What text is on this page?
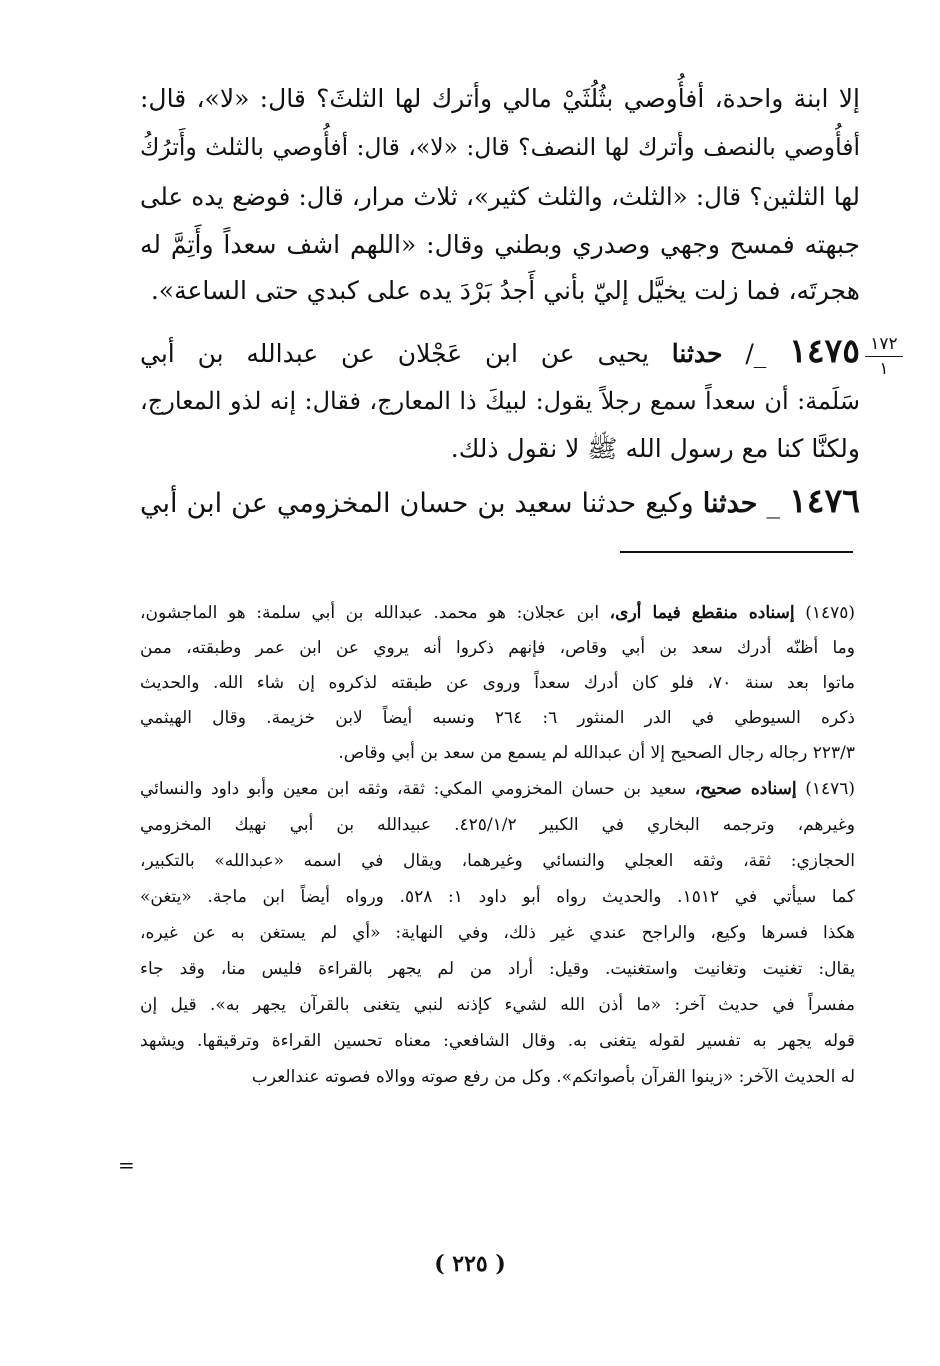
إلا ابنة واحدة، أفأُوصي بثُلُثَيْ مالي وأترك لها الثلثَ؟ قال: «لا»، قال:
أفأُوصي بالنصف وأترك لها النصف؟ قال: «لا»، قال: أفأُوصي بالثلث وأَترُكُ
لها الثلثين؟ قال: «الثلث، والثلث كثير»، ثلاث مرار، قال: فوضع يده على
جبهته فمسح وجهي وصدري وبطني وقال: «اللهم اشف سعداً وأَتِمَّ له
هجرتَه، فما زلت يخيَّل إليّ بأني أَجدُ بَرْدَ يده على كبدي حتى الساعة».
١٤٧٥ _/ حدثنا يحيى عن ابن عَجْلان عن عبدالله بن أبي
سَلَمة: أن سعداً سمع رجلاً يقول: لبيكَ ذا المعارج، فقال: إنه لذو المعارج،
ولكنَّا كنا مع رسول الله ﷺ لا نقول ذلك.
١٤٧٦ _ حدثنا وكيع حدثنا سعيد بن حسان المخزومي عن ابن أبي
١٧٢
١
(١٤٧٥) إسناده منقطع فيما أرى، ابن عجلان: هو محمد. عبدالله بن أبي سلمة: هو الماجشون،
وما أظنّه أدرك سعد بن أبي وقاص، فإنهم ذكروا أنه يروي عن ابن عمر وطبقته، ممن
ماتوا بعد سنة ٧٠، فلو كان أدرك سعداً وروى عن طبقته لذكروه إن شاء الله. والحديث
ذكره السيوطي في الدر المنثور ٦: ٢٦٤ ونسبه أيضاً لابن خزيمة. وقال الهيثمي
٢٢٣/٣ رجاله رجال الصحيح إلا أن عبدالله لم يسمع من سعد بن أبي وقاص.
(١٤٧٦) إسناده صحيح، سعيد بن حسان المخزومي المكي: ثقة، وثقه ابن معين وأبو داود والنسائي
وغيرهم، وترجمه البخاري في الكبير ٤٢٥/١/٢. عبيدالله بن أبي نهيك المخزومي
الحجازي: ثقة، وثقه العجلي والنسائي وغيرهما، ويقال في اسمه «عبدالله» بالتكبير،
كما سيأتي في ١٥١٢. والحديث رواه أبو داود ١: ٥٢٨. ورواه أيضاً ابن ماجة. «يتغن»
هكذا فسرها وكيع، والراجح عندي غير ذلك، وفي النهاية: «أي لم يستغن به عن غيره،
يقال: تغنيت وتغانيت واستغنيت. وقيل: أراد من لم يجهر بالقراءة فليس منا، وقد جاء
مفسراً في حديث آخر: «ما أذن الله لشيء كإذنه لنبي يتغنى بالقرآن يجهر به». قيل إن
قوله يجهر به تفسير لقوله يتغنى به. وقال الشافعي: معناه تحسين القراءة وترقيقها. ويشهد
له الحديث الآخر: «زينوا القرآن بأصواتكم». وكل من رفع صوته ووالاه فصوته عندالعرب
=
( ٢٢٥ )
